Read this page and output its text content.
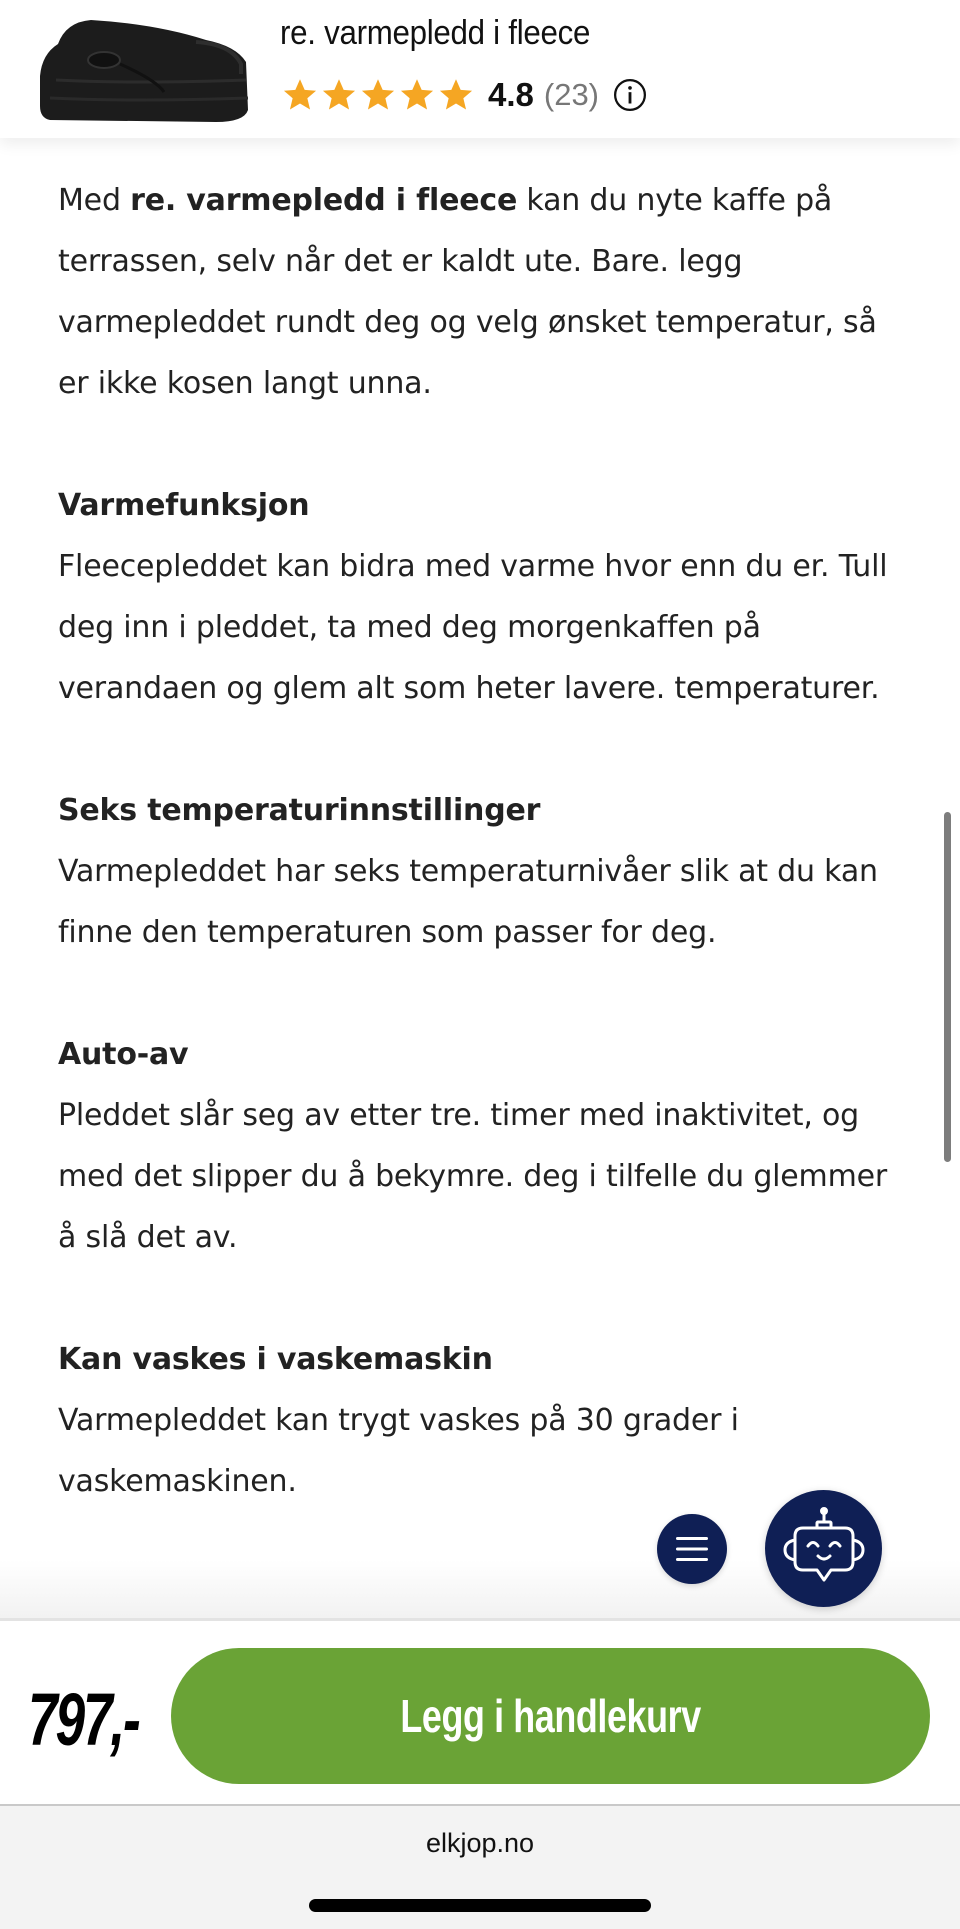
re. varmepledd i fleece
4.8 (23)

Med re. varmepledd i fleece kan du nyte kaffe på terrassen, selv når det er kaldt ute. Bare. legg varmepleddet rundt deg og velg ønsket temperatur, så er ikke kosen langt unna.

Varmefunksjon

Fleecepleddet kan bidra med varme hvor enn du er. Tull deg inn i pleddet, ta med deg morgenkaffen på verandaen og glem alt som heter lavere. temperaturer.

Seks temperaturinnstillinger

Varmepleddet har seks temperaturnivåer slik at du kan finne den temperaturen som passer for deg.

Auto-av

Pleddet slår seg av etter tre. timer med inaktivitet, og med det slipper du å bekymre. deg i tilfelle du glemmer å slå det av.

Kan vaskes i vaskemaskin

Varmepleddet kan trygt vaskes på 30 grader i vaskemaskinen.

797,-	Legg i handlekurv
elkjop.no
